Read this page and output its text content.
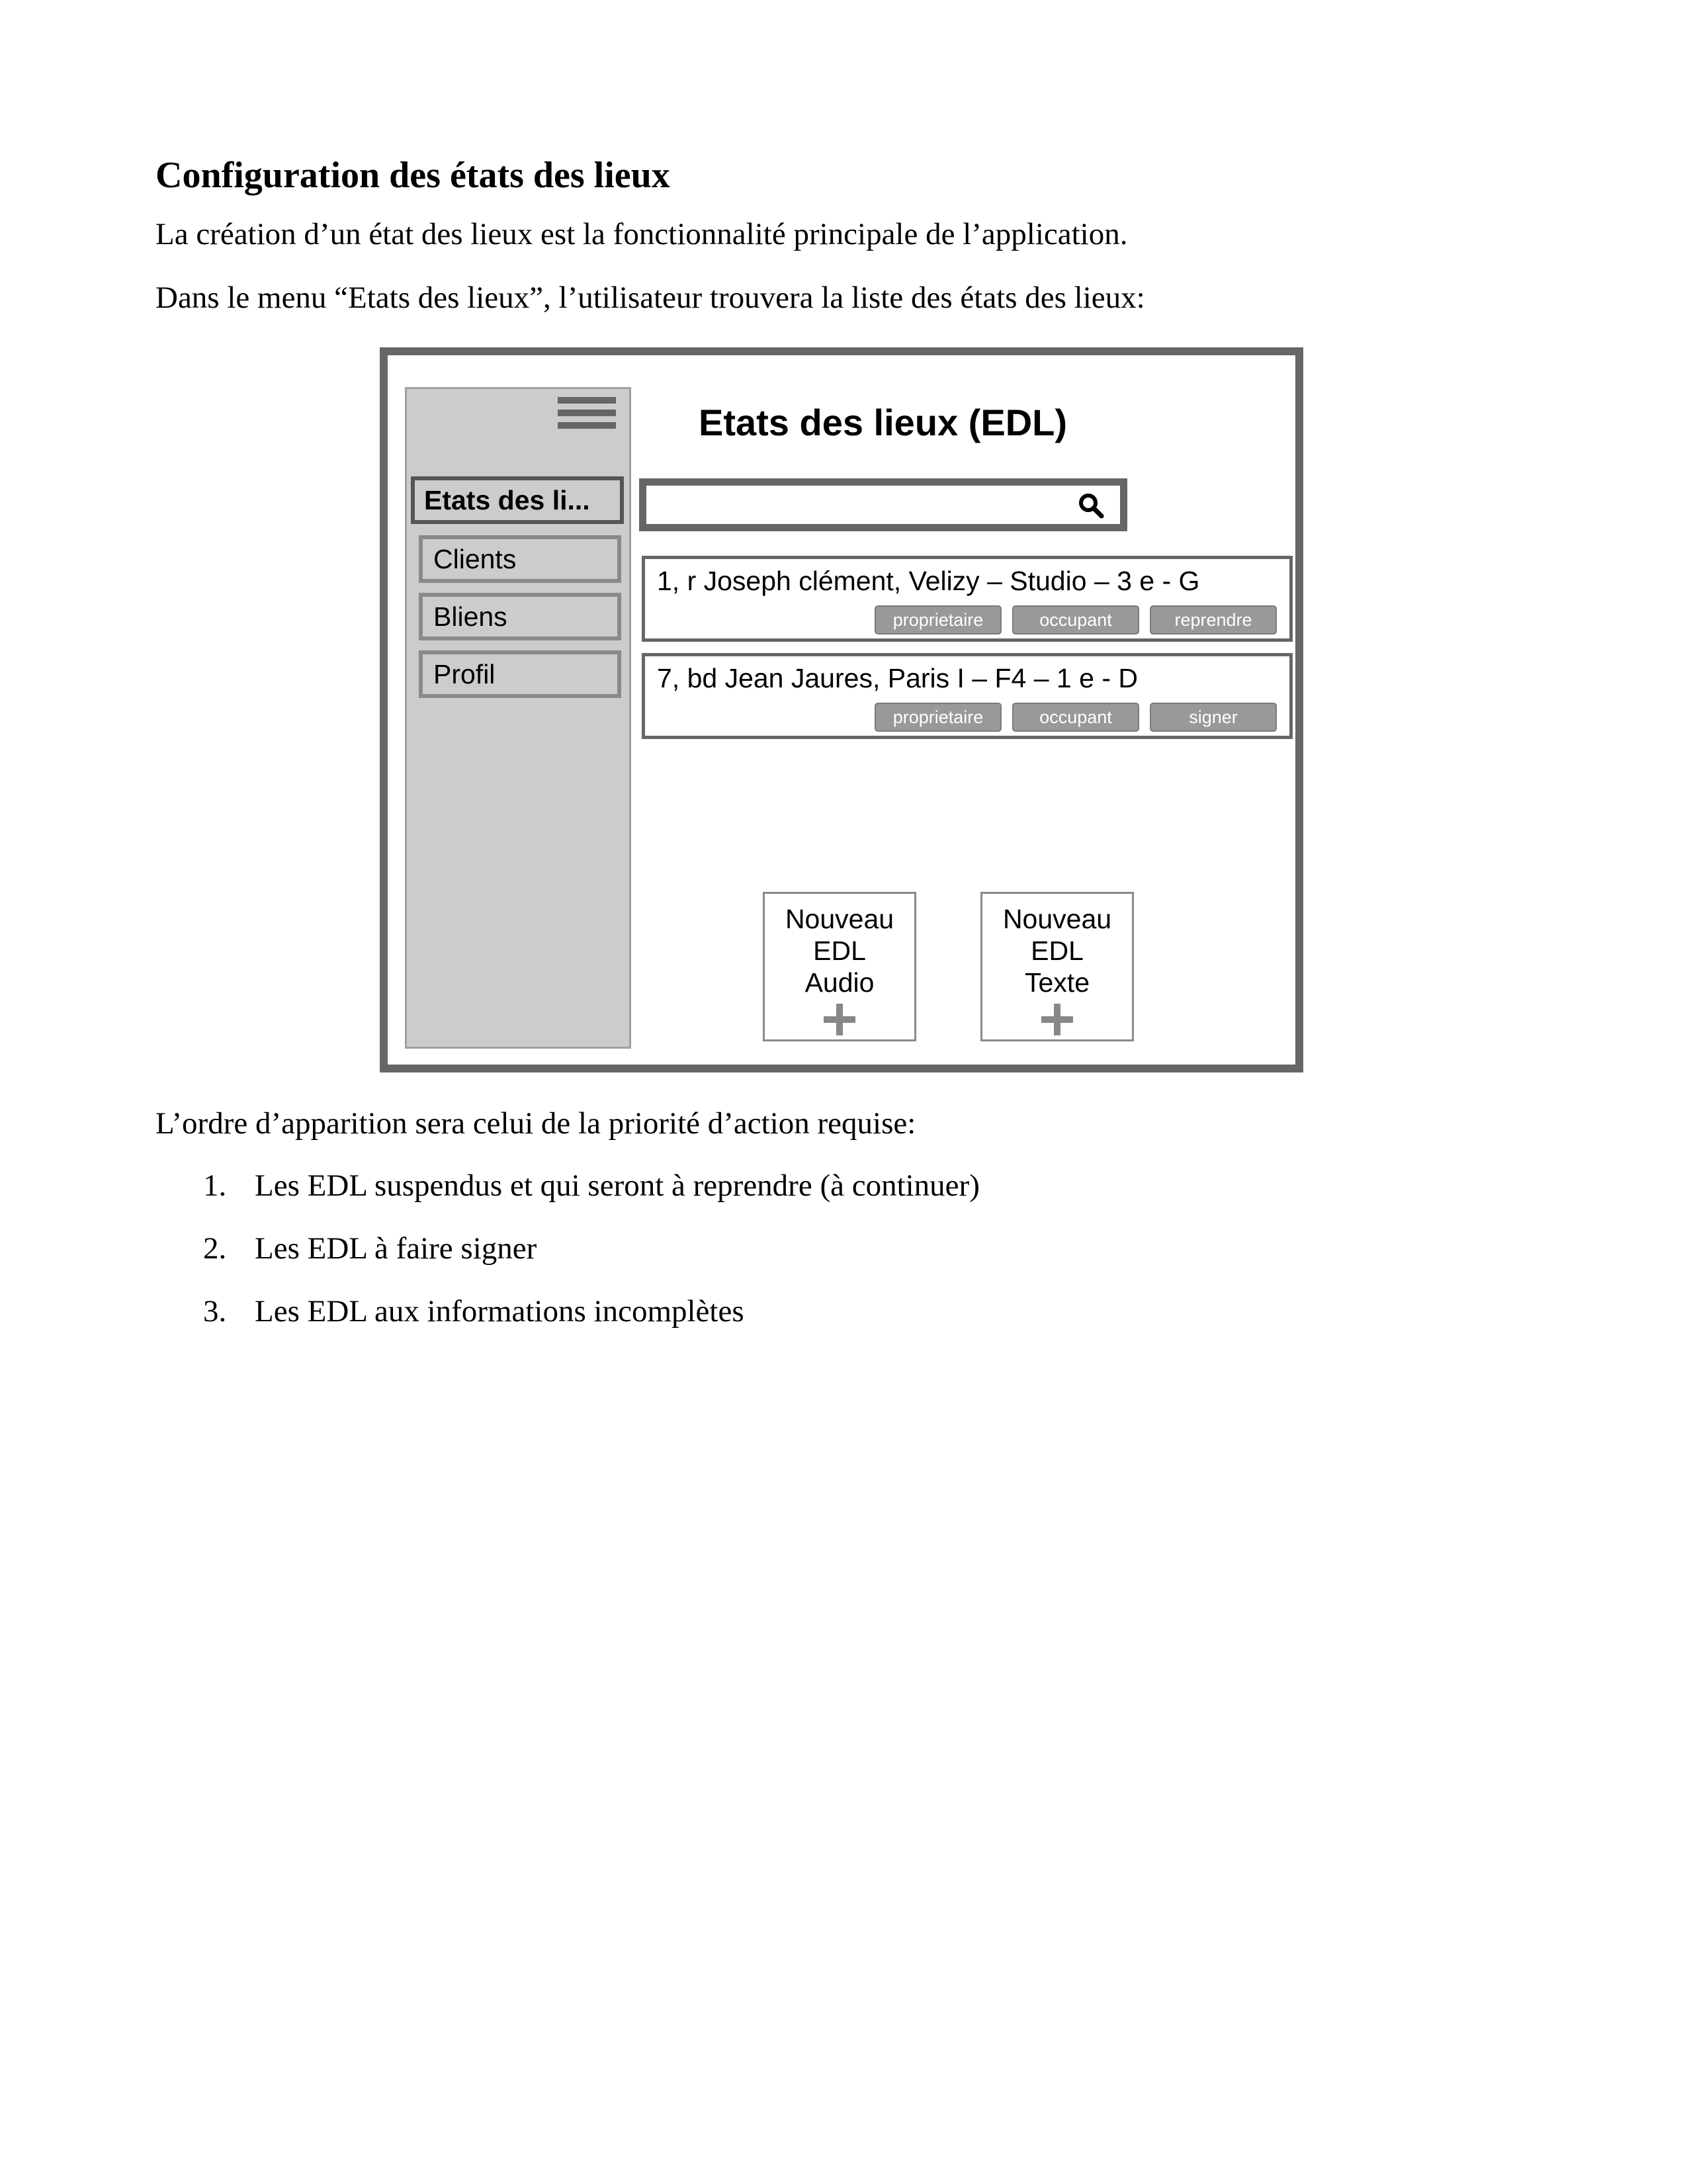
Configuration des états des lieux

La création d’un état des lieux est la fonctionnalité principale de l’application.

Dans le menu “Etats des lieux”, l’utilisateur trouvera la liste des états des lieux:

Etats des li...
Clients
Bliens
Profil
Etats des lieux (EDL)
1, r Joseph clément, Velizy – Studio – 3 e - G
proprietaire	occupant	reprendre
7, bd Jean Jaures, Paris I – F4 – 1 e - D
proprietaire	occupant	signer
Nouveau
EDL
Audio
Nouveau
EDL
Texte

L’ordre d’apparition sera celui de la priorité d’action requise:

1. Les EDL suspendus et qui seront à reprendre (à continuer)
2. Les EDL à faire signer
3. Les EDL aux informations incomplètes
